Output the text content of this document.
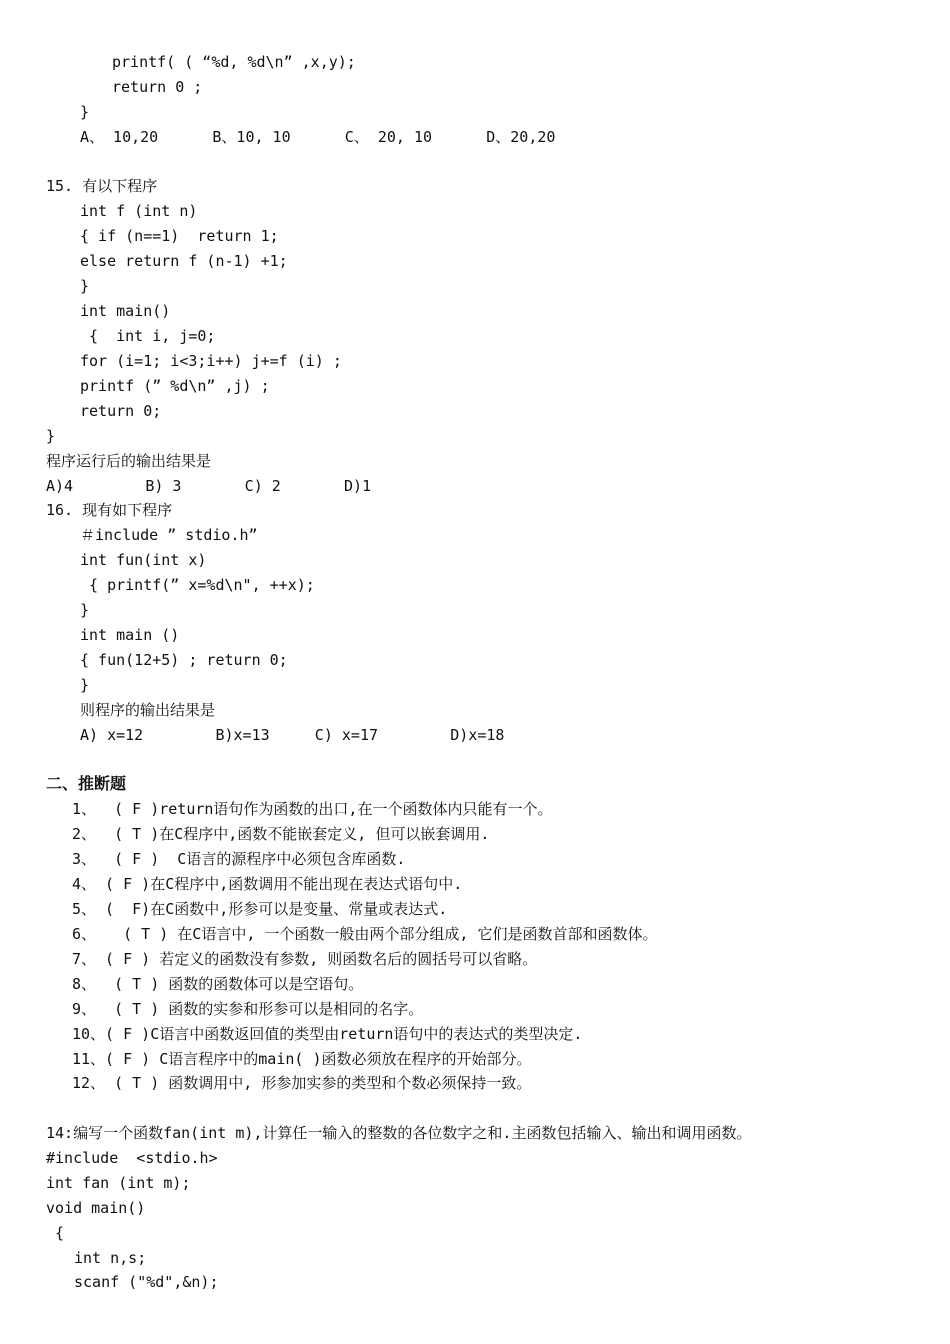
printf( ( “%d, %d\n” ,x,y);
return 0 ;
}
A、 10,20      B、10, 10      C、 20, 10      D、20,20
15. 有以下程序
int f (int n)
{ if (n==1)  return 1;
else return f (n-1) +1;
}
int main()
{  int i, j=0;
for (i=1; i<3;i++) j+=f (i) ;
printf (” %d\n” ,j) ;
return 0;
}
程序运行后的输出结果是
A)4        B) 3       C) 2       D)1
16. 现有如下程序
＃include ” stdio.h”
int fun(int x)
{ printf(” x=%d\n", ++x);
}
int main ()
{ fun(12+5) ; return 0;
}
则程序的输出结果是
A) x=12        B)x=13     C) x=17        D)x=18
二、推断题
1、  ( F )return语句作为函数的出口,在一个函数体内只能有一个。
2、  ( T )在C程序中,函数不能嵌套定义, 但可以嵌套调用.
3、  ( F )  C语言的源程序中必须包含库函数.
4、 ( F )在C程序中,函数调用不能出现在表达式语句中.
5、 (  F)在C函数中,形参可以是变量、常量或表达式.
6、   ( T ) 在C语言中, 一个函数一般由两个部分组成, 它们是函数首部和函数体。
7、 ( F ) 若定义的函数没有参数, 则函数名后的圆括号可以省略。
8、  ( T ) 函数的函数体可以是空语句。
9、  ( T ) 函数的实参和形参可以是相同的名字。
10、( F )C语言中函数返回值的类型由return语句中的表达式的类型决定.
11、( F ) C语言程序中的main( )函数必须放在程序的开始部分。
12、 ( T ) 函数调用中, 形参加实参的类型和个数必须保持一致。
14:编写一个函数fan(int m),计算任一输入的整数的各位数字之和.主函数包括输入、输出和调用函数。
#include  <stdio.h>
int fan (int m);
void main()
{
int n,s;
scanf ("%d",&n);
